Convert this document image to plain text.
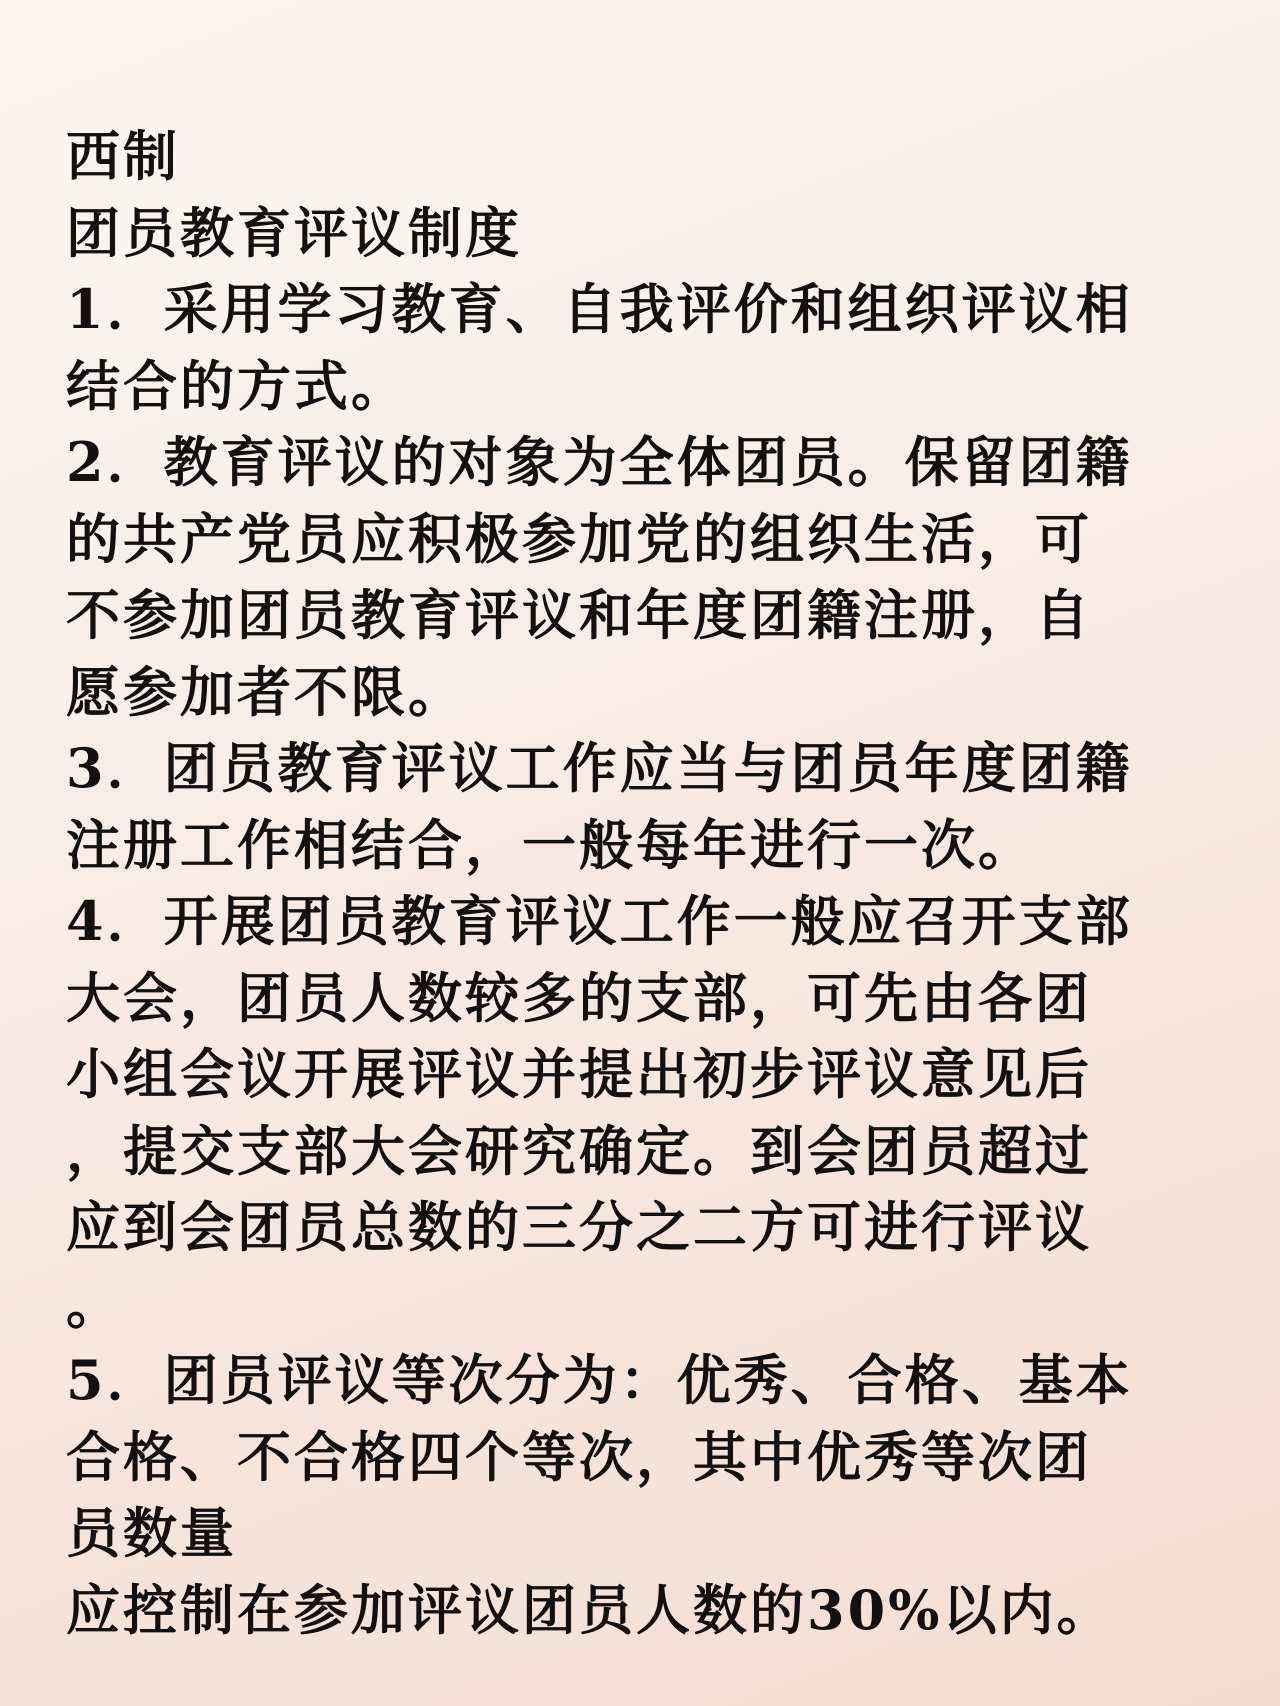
西制
团员教育评议制度
1．采用学习教育、自我评价和组织评议相
结合的方式。
2．教育评议的对象为全体团员。保留团籍
的共产党员应积极参加党的组织生活，可
不参加团员教育评议和年度团籍注册，自
愿参加者不限。
3．团员教育评议工作应当与团员年度团籍
注册工作相结合，一般每年进行一次。
4．开展团员教育评议工作一般应召开支部
大会，团员人数较多的支部，可先由各团
小组会议开展评议并提出初步评议意见后
，提交支部大会研究确定。到会团员超过
应到会团员总数的三分之二方可进行评议
。
5．团员评议等次分为：优秀、合格、基本
合格、不合格四个等次，其中优秀等次团
员数量
应控制在参加评议团员人数的30%以内。
